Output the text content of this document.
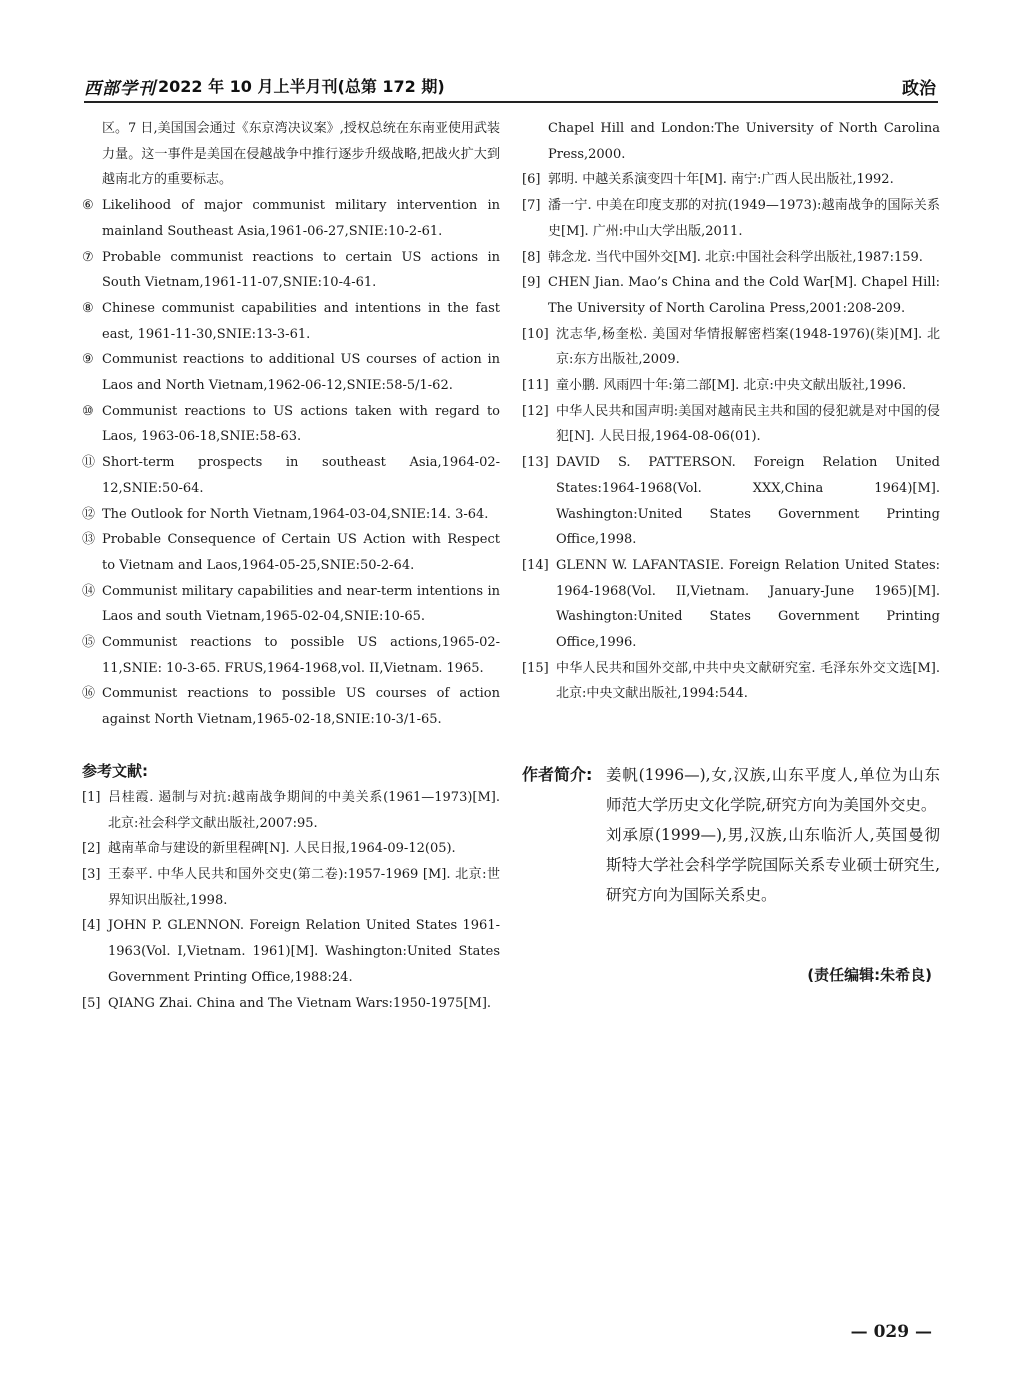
西部学刊 2022 年 10 月上半月刊(总第 172 期)	政治

区。7 日,美国国会通过《东京湾决议案》,授权总统在东南亚使用武装力量。这一事件是美国在侵越战争中推行逐步升级战略,把战火扩大到越南北方的重要标志。

⑥ Likelihood of major communist military intervention in mainland Southeast Asia,1961-06-27,SNIE:10-2-61.
⑦ Probable communist reactions to certain US actions in South Vietnam,1961-11-07,SNIE:10-4-61.
⑧ Chinese communist capabilities and intentions in the fast east, 1961-11-30,SNIE:13-3-61.
⑨ Communist reactions to additional US courses of action in Laos and North Vietnam,1962-06-12,SNIE:58-5/1-62.
⑩ Communist reactions to US actions taken with regard to Laos, 1963-06-18,SNIE:58-63.
⑪ Short-term prospects in southeast Asia,1964-02-12,SNIE:50-64.
⑫ The Outlook for North Vietnam,1964-03-04,SNIE:14. 3-64.
⑬ Probable Consequence of Certain US Action with Respect to Vietnam and Laos,1964-05-25,SNIE:50-2-64.
⑭ Communist military capabilities and near-term intentions in Laos and south Vietnam,1965-02-04,SNIE:10-65.
⑮ Communist reactions to possible US actions,1965-02-11,SNIE: 10-3-65. FRUS,1964-1968,vol. II,Vietnam. 1965.
⑯ Communist reactions to possible US courses of action against North Vietnam,1965-02-18,SNIE:10-3/1-65.
参考文献:
[1] 吕桂霞. 遏制与对抗:越南战争期间的中美关系(1961—1973)[M]. 北京:社会科学文献出版社,2007:95.
[2] 越南革命与建设的新里程碑[N]. 人民日报,1964-09-12(05).
[3] 王泰平. 中华人民共和国外交史(第二卷):1957-1969 [M]. 北京:世界知识出版社,1998.
[4] JOHN P. GLENNON. Foreign Relation United States 1961-1963(Vol. I,Vietnam. 1961)[M]. Washington:United States Government Printing Office,1988:24.
[5] QIANG Zhai. China and The Vietnam Wars:1950-1975[M].

Chapel Hill and London:The University of North Carolina Press,2000.

[6] 郭明. 中越关系演变四十年[M]. 南宁:广西人民出版社,1992.
[7] 潘一宁. 中美在印度支那的对抗(1949—1973):越南战争的国际关系史[M]. 广州:中山大学出版,2011.
[8] 韩念龙. 当代中国外交[M]. 北京:中国社会科学出版社,1987:159.
[9] CHEN Jian. Mao’s China and the Cold War[M]. Chapel Hill: The University of North Carolina Press,2001:208-209.
[10] 沈志华,杨奎松. 美国对华情报解密档案(1948-1976)(柒)[M]. 北京:东方出版社,2009.
[11] 童小鹏. 风雨四十年:第二部[M]. 北京:中央文献出版社,1996.
[12] 中华人民共和国声明:美国对越南民主共和国的侵犯就是对中国的侵犯[N]. 人民日报,1964-08-06(01).
[13] DAVID S. PATTERSON. Foreign Relation United States:1964-1968(Vol. XXX,China 1964)[M]. Washington:United States Government Printing Office,1998.
[14] GLENN W. LAFANTASIE. Foreign Relation United States: 1964-1968(Vol. II,Vietnam. January-June 1965)[M]. Washington:United States Government Printing Office,1996.
[15] 中华人民共和国外交部,中共中央文献研究室. 毛泽东外交文选[M]. 北京:中央文献出版社,1994:544.
作者简介: 姜帆(1996—),女,汉族,山东平度人,单位为山东师范大学历史文化学院,研究方向为美国外交史。

刘承原(1999—),男,汉族,山东临沂人,英国曼彻斯特大学社会科学学院国际关系专业硕士研究生,研究方向为国际关系史。

(责任编辑:朱希良)
— 029 —
